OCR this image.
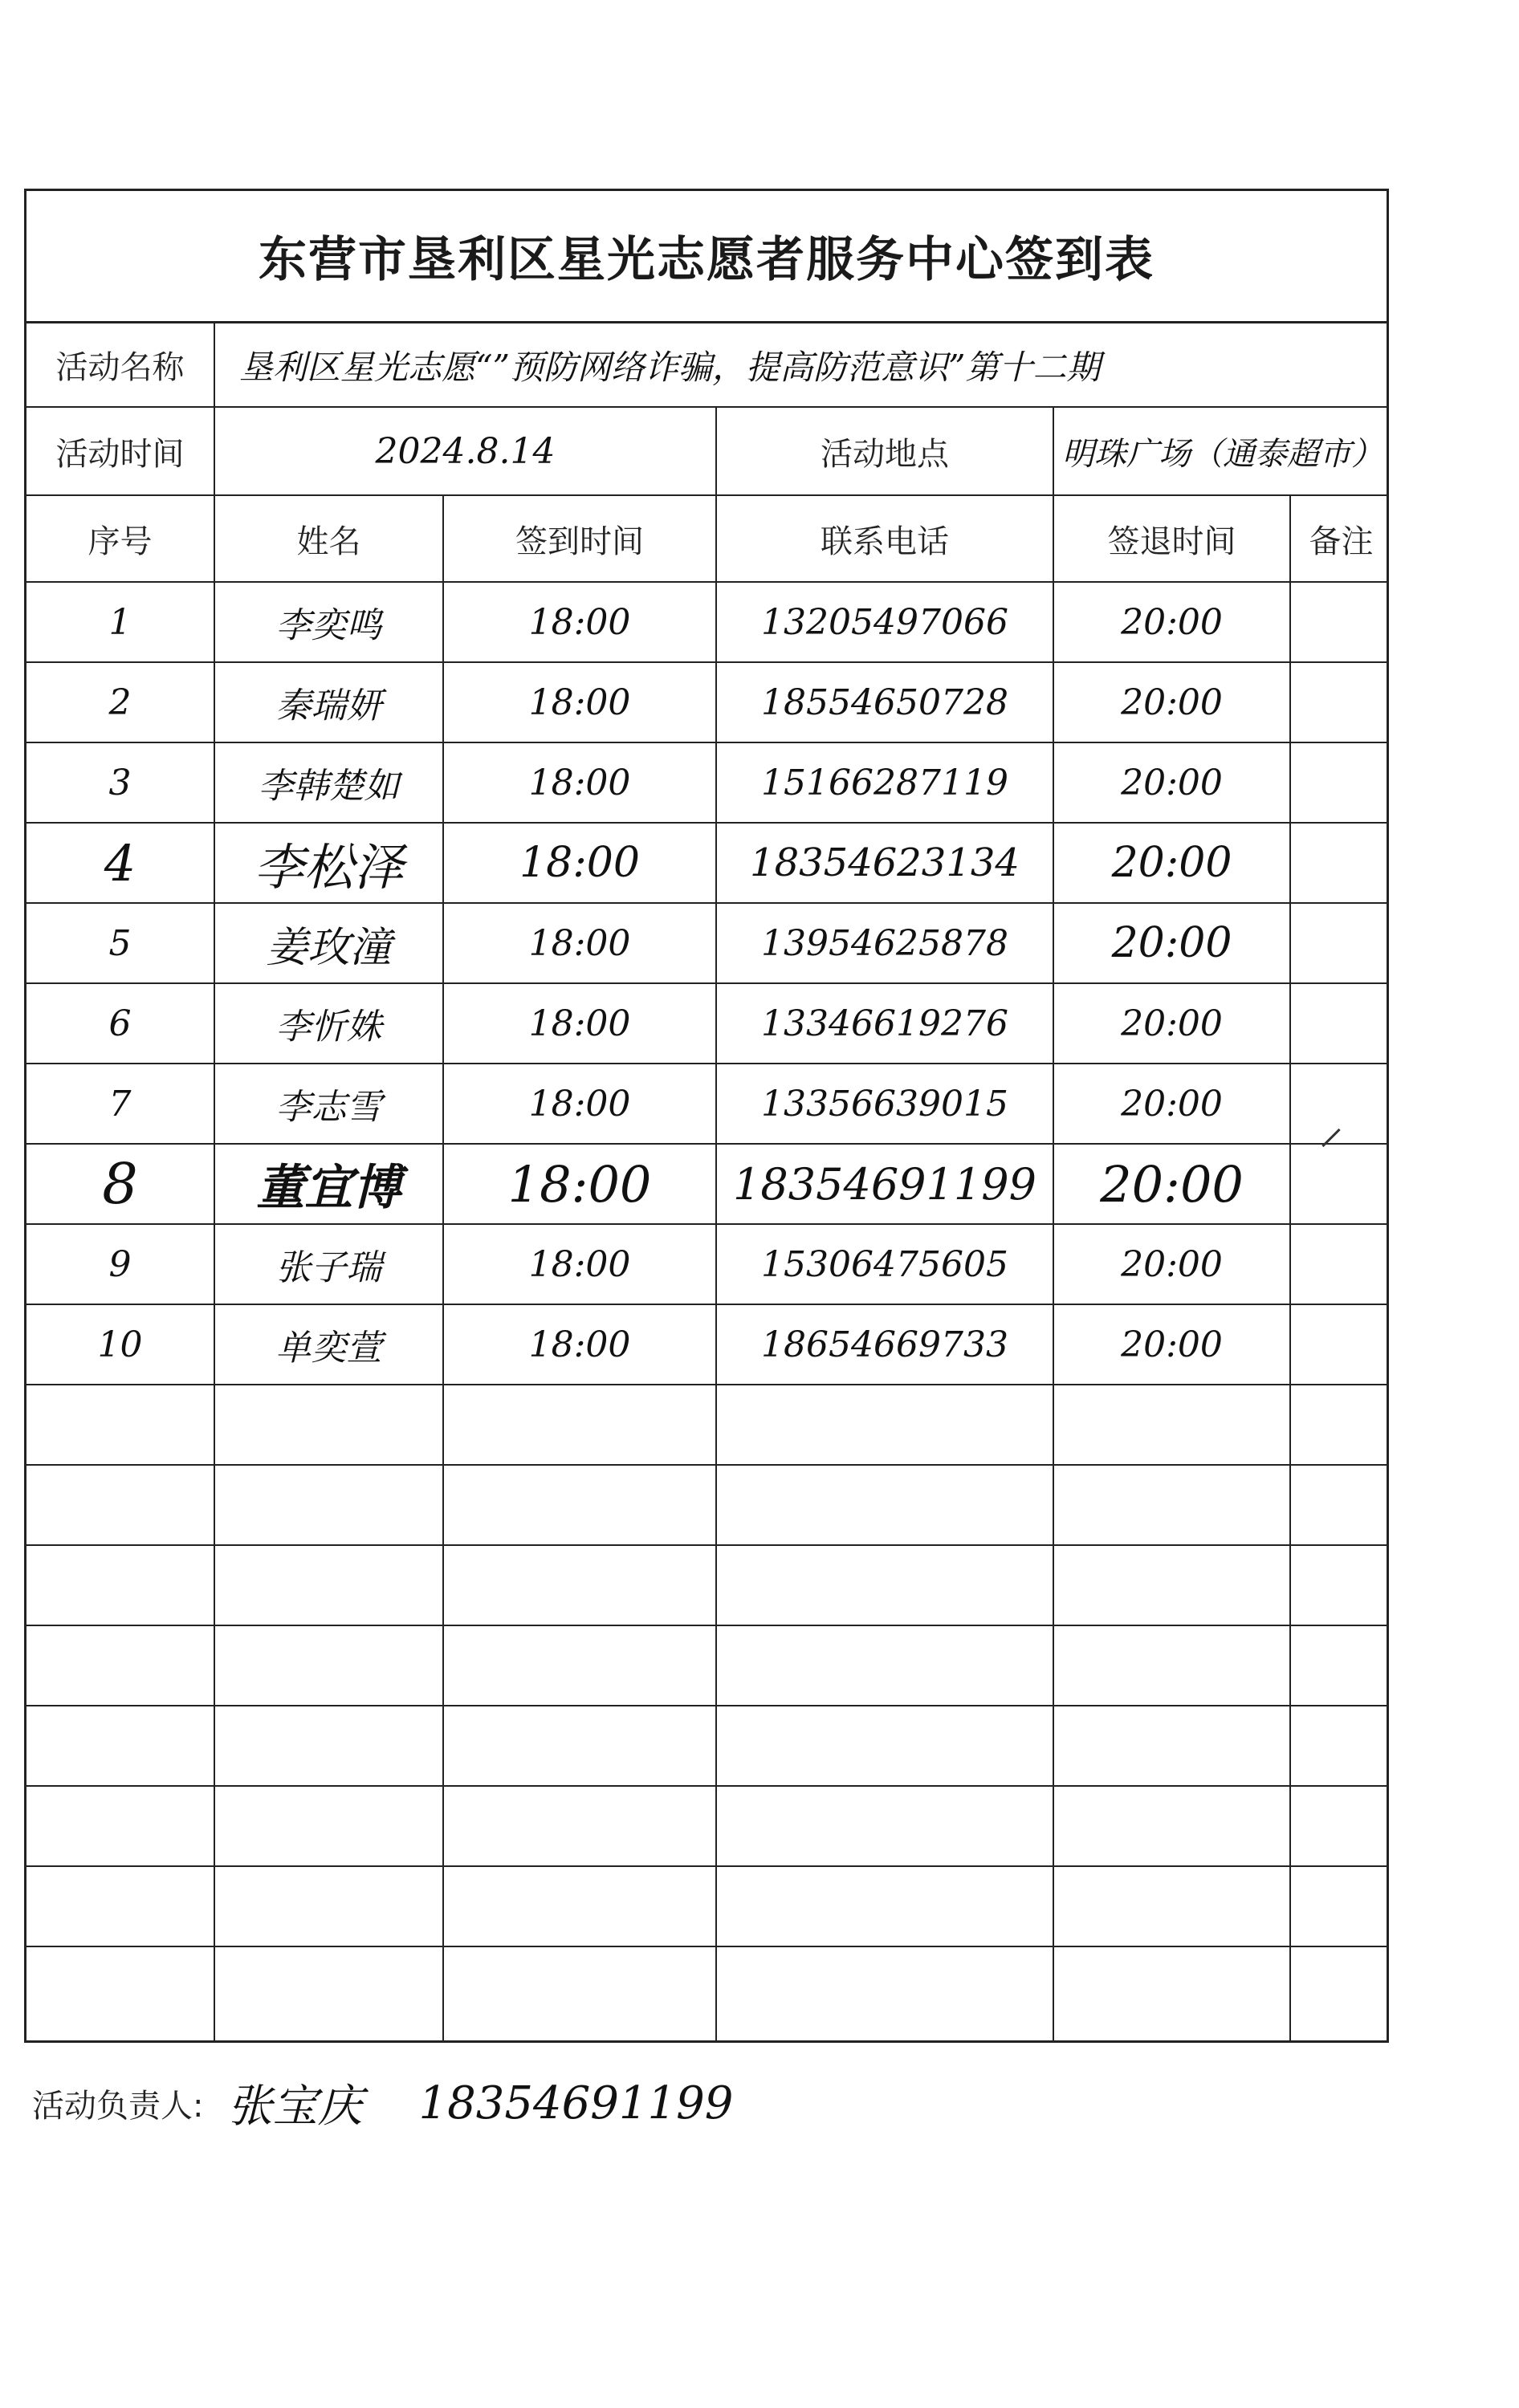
东营市垦利区星光志愿者服务中心签到表
活动名称	垦利区星光志愿“”预防网络诈骗，提高防范意识”第十二期
活动时间	2024.8.14	活动地点	明珠广场（通泰超市）
序号	姓名	签到时间	联系电话	签退时间	备注
1	李奕鸣	18:00	13205497066	20:00
2	秦瑞妍	18:00	18554650728	20:00
3	李韩楚如	18:00	15166287119	20:00
4	李松泽	18:00	18354623134	20:00
5	姜玫潼	18:00	13954625878	20:00
6	李忻姝	18:00	13346619276	20:00
7	李志雪	18:00	13356639015	20:00
8	董宜博	18:00	18354691199	20:00
9	张子瑞	18:00	15306475605	20:00
10	单奕萱	18:00	18654669733	20:00
活动负责人: 张宝庆 18354691199
